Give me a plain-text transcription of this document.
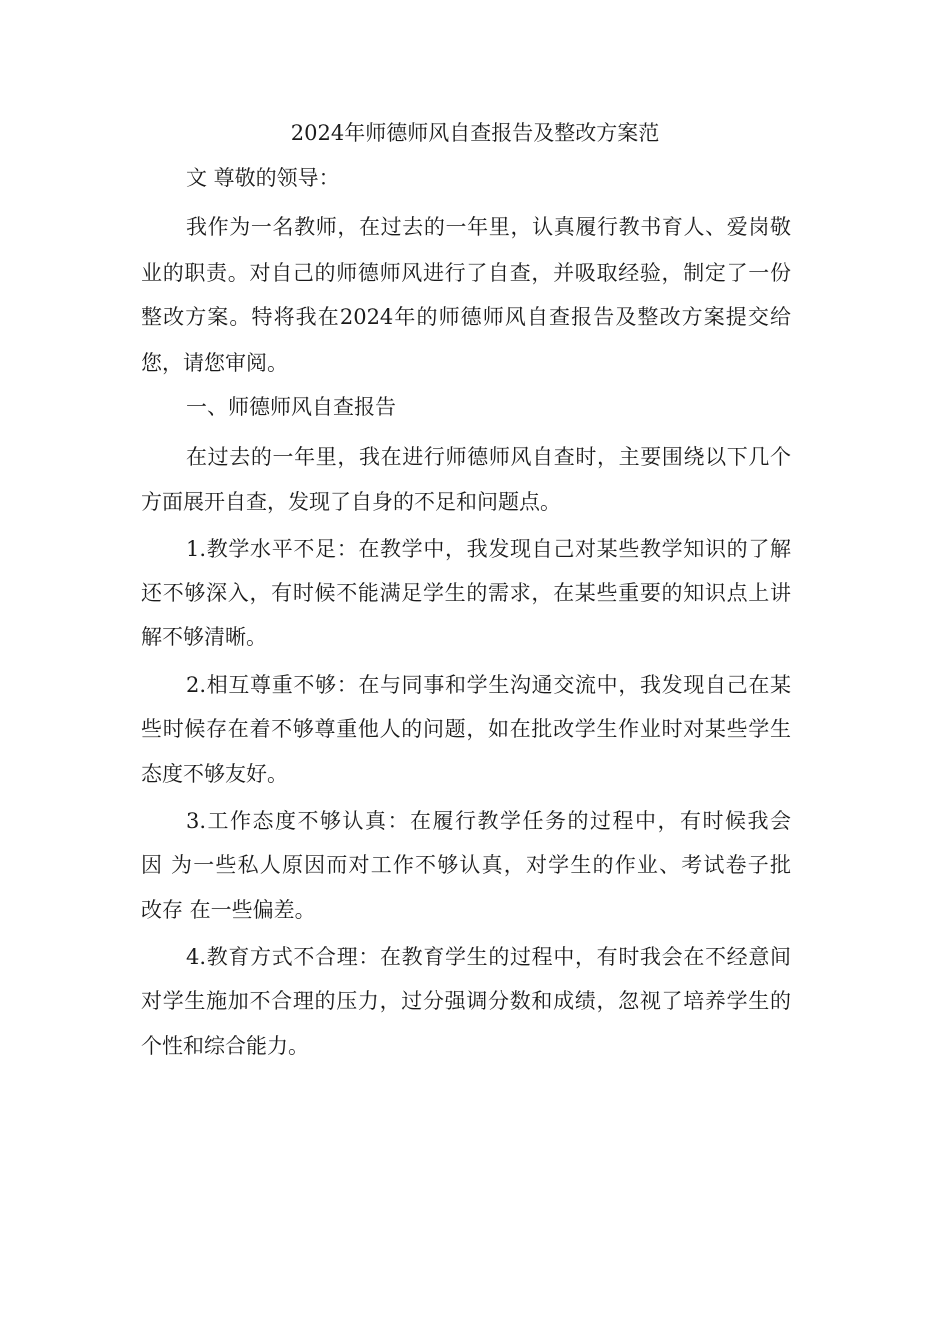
2024年师德师风自查报告及整改方案范
文 尊敬的领导：
我作为一名教师，在过去的一年里，认真履行教书育人、爱岗敬
业的职责。对自己的师德师风进行了自查，并吸取经验，制定了一份
整改方案。特将我在2024年的师德师风自查报告及整改方案提交给
您，请您审阅。
一、师德师风自查报告
在过去的一年里，我在进行师德师风自查时，主要围绕以下几个
方面展开自查，发现了自身的不足和问题点。
1.教学水平不足：在教学中，我发现自己对某些教学知识的了解
还不够深入，有时候不能满足学生的需求，在某些重要的知识点上讲
解不够清晰。
2.相互尊重不够：在与同事和学生沟通交流中，我发现自己在某
些时候存在着不够尊重他人的问题，如在批改学生作业时对某些学生
态度不够友好。
3.工作态度不够认真：在履行教学任务的过程中，有时候我会
因 为一些私人原因而对工作不够认真，对学生的作业、考试卷子批
改存 在一些偏差。
4.教育方式不合理：在教育学生的过程中，有时我会在不经意间
对学生施加不合理的压力，过分强调分数和成绩，忽视了培养学生的
个性和综合能力。
